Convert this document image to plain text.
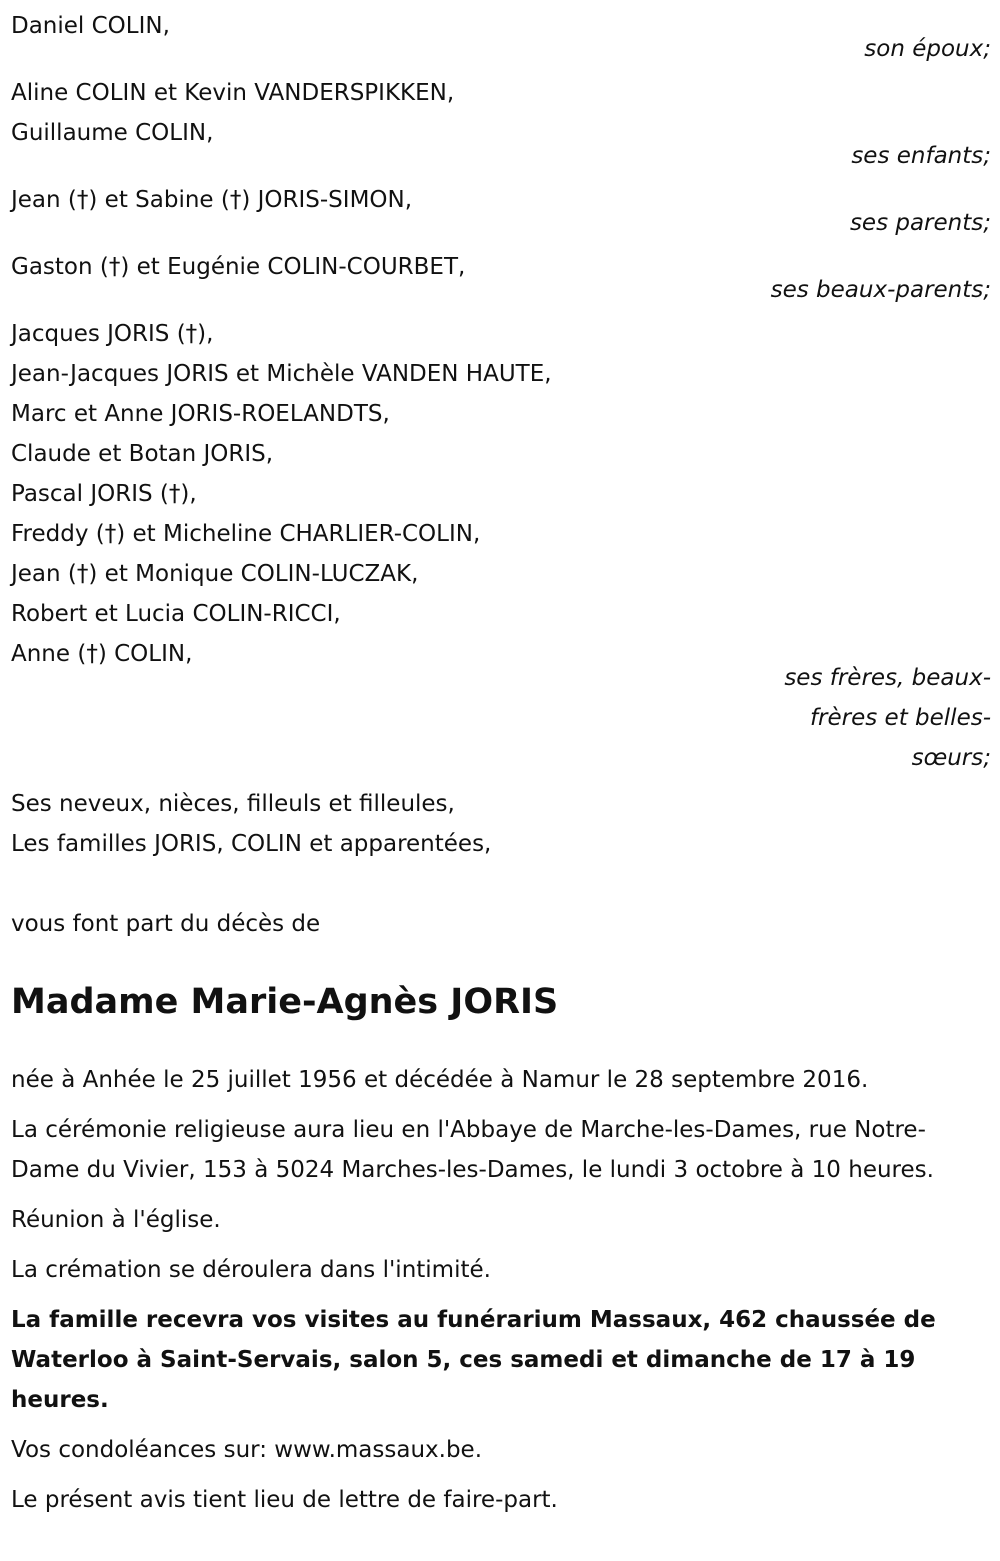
Daniel COLIN,
son époux;
Aline COLIN et Kevin VANDERSPIKKEN,
Guillaume COLIN,
ses enfants;
Jean (†) et Sabine (†) JORIS-SIMON,
ses parents;
Gaston (†) et Eugénie COLIN-COURBET,
ses beaux-parents;
Jacques JORIS (†),
Jean-Jacques JORIS et Michèle VANDEN HAUTE,
Marc et Anne JORIS-ROELANDTS,
Claude et Botan JORIS,
Pascal JORIS (†),
Freddy (†) et Micheline CHARLIER-COLIN,
Jean (†) et Monique COLIN-LUCZAK,
Robert et Lucia COLIN-RICCI,
Anne (†) COLIN,
ses frères, beaux-
frères et belles-
sœurs;
Ses neveux, nièces, filleuls et filleules,
Les familles JORIS, COLIN et apparentées,
vous font part du décès de
Madame Marie-Agnès JORIS

née à Anhée le 25 juillet 1956 et décédée à Namur le 28 septembre 2016.

La cérémonie religieuse aura lieu en l'Abbaye de Marche-les-Dames, rue Notre-Dame du Vivier, 153 à 5024 Marches-les-Dames, le lundi 3 octobre à 10 heures.

Réunion à l'église.

La crémation se déroulera dans l'intimité.

La famille recevra vos visites au funérarium Massaux, 462 chaussée de Waterloo à Saint-Servais, salon 5, ces samedi et dimanche de 17 à 19 heures.

Vos condoléances sur: www.massaux.be.

Le présent avis tient lieu de lettre de faire-part.
